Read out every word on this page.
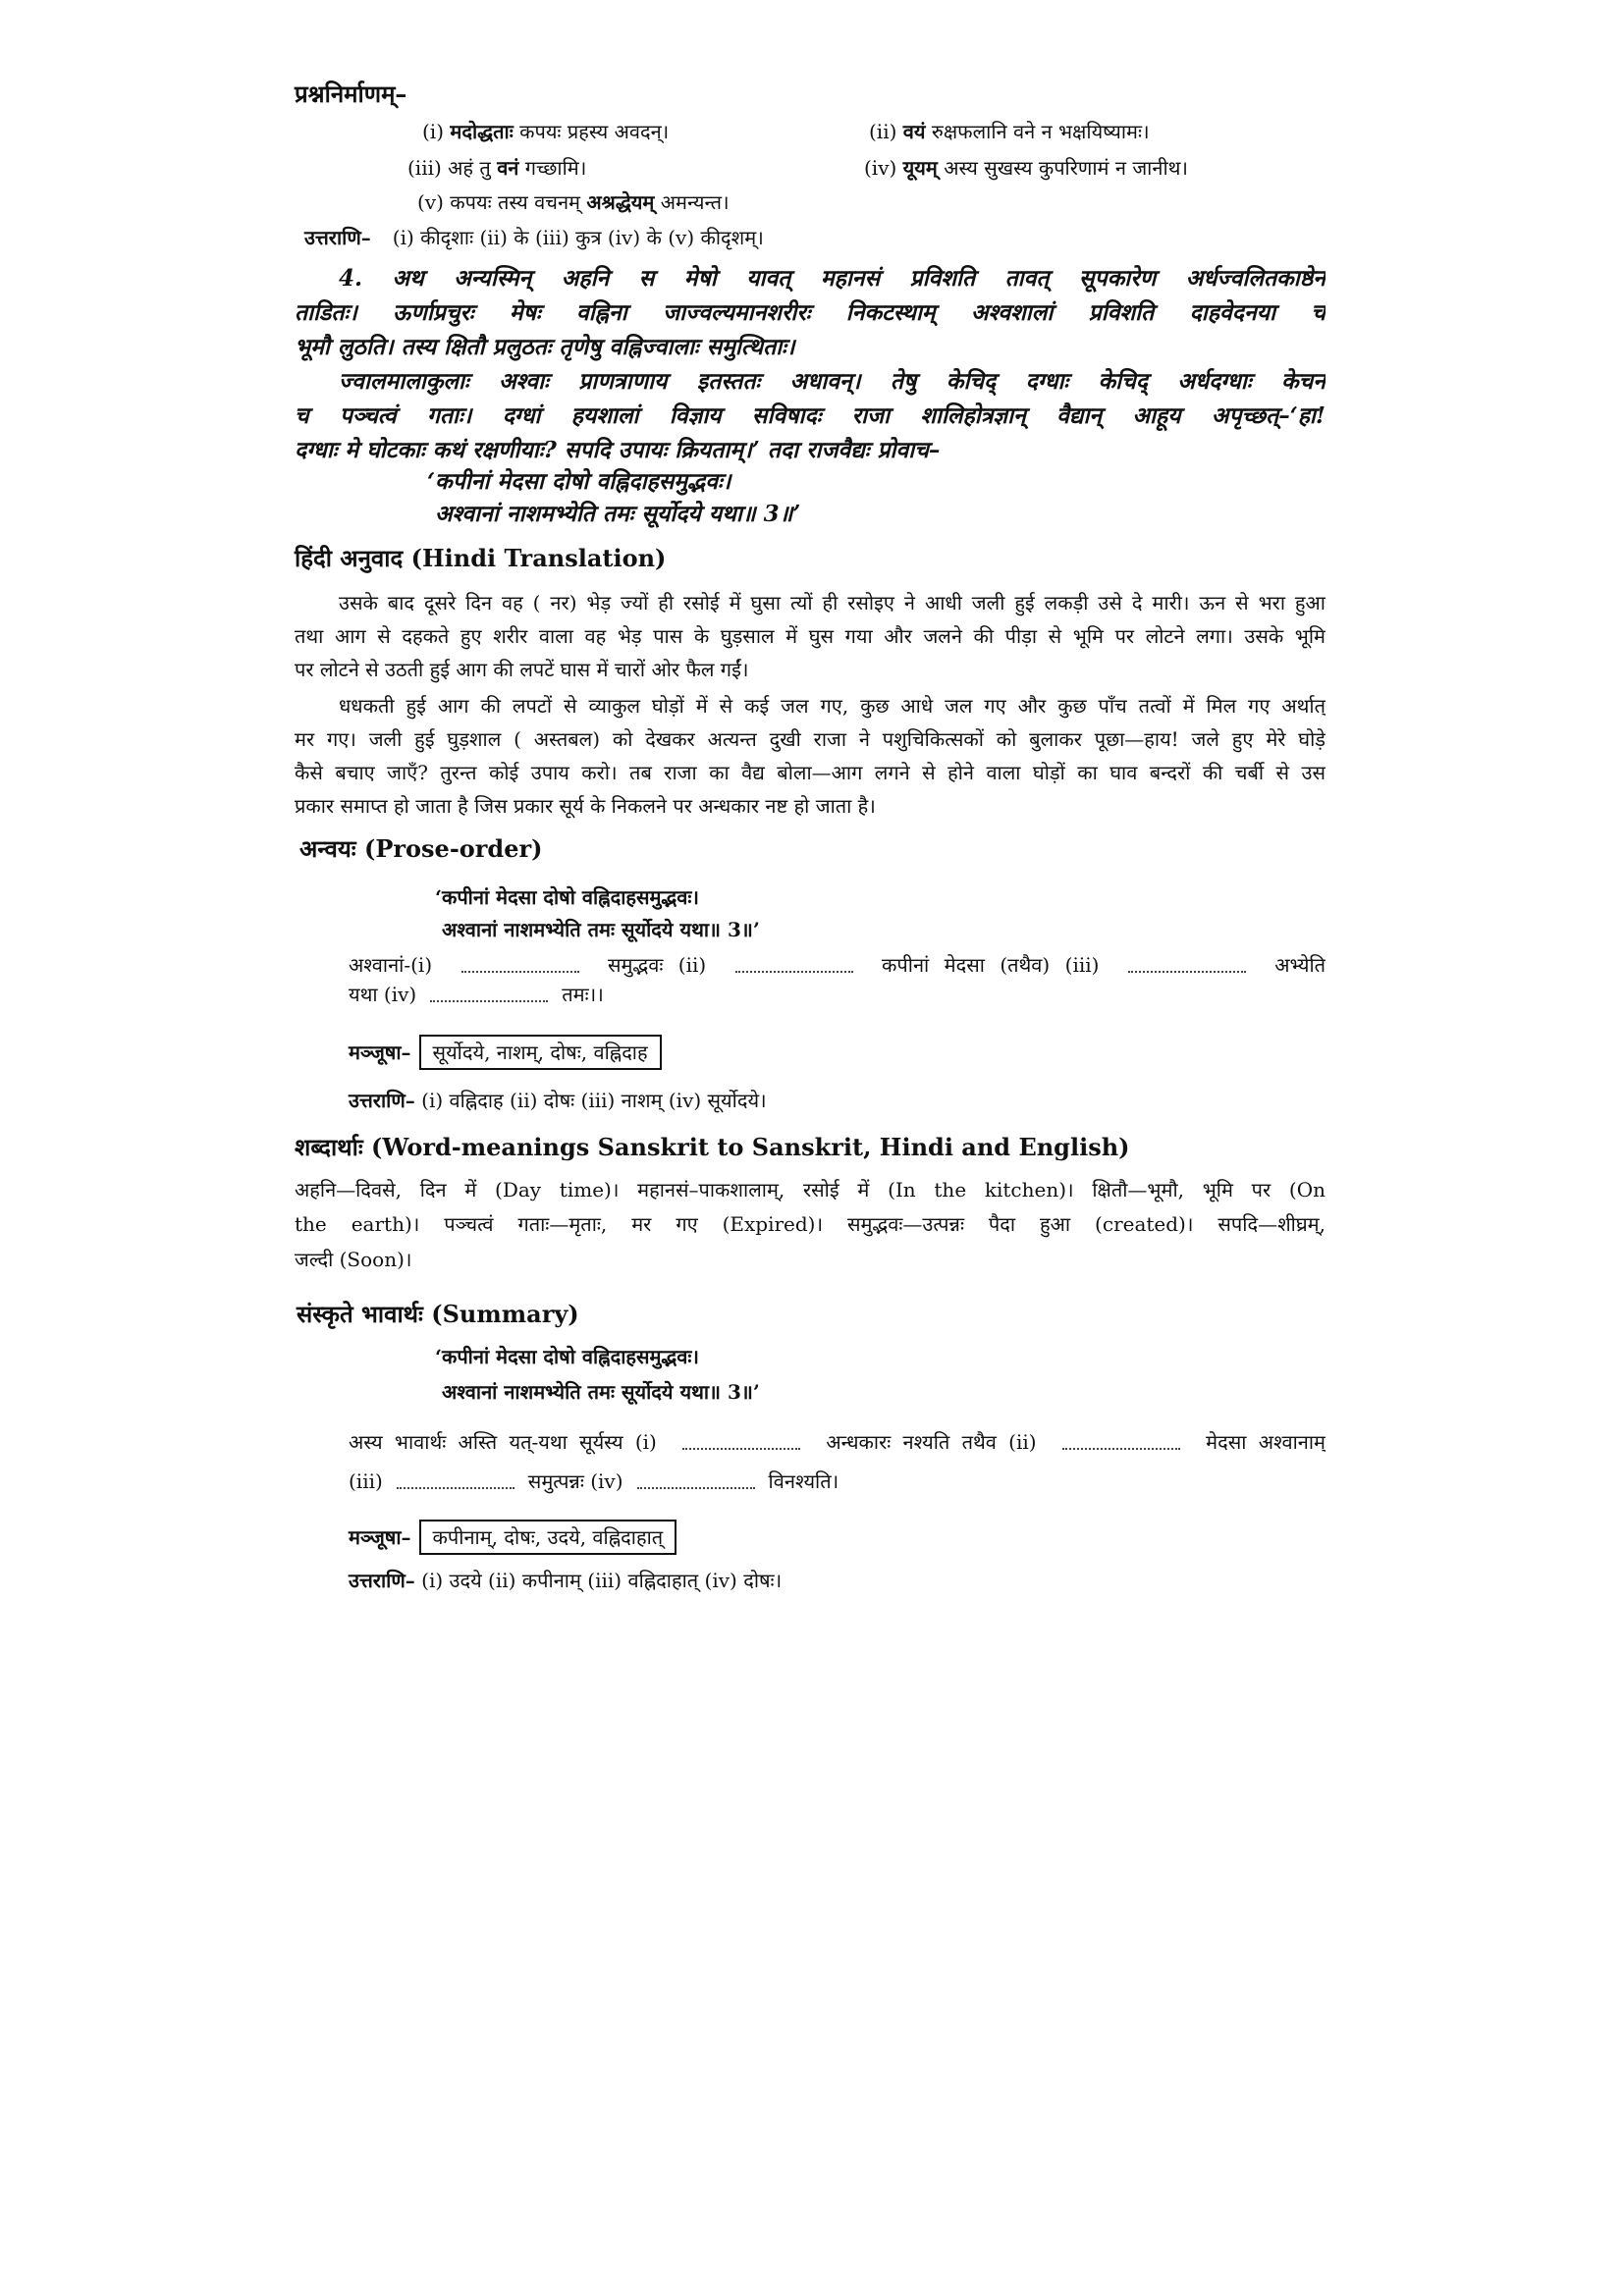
प्रश्ननिर्माणम्–
(i) मदोद्धताः कपयः प्रहस्य अवदन्।	(ii) वयं रुक्षफलानि वने न भक्षयिष्यामः।
(iii) अहं तु वनं गच्छामि।	(iv) यूयम् अस्य सुखस्य कुपरिणामं न जानीथ।
(v) कपयः तस्य वचनम् अश्रद्धेयम् अमन्यन्त।
उत्तराणि– (i) कीदृशाः (ii) के (iii) कुत्र (iv) के (v) कीदृशम्।
4. अथ अन्यस्मिन् अहनि स मेषो यावत् महानसं प्रविशति तावत् सूपकारेण अर्धज्वलितकाष्ठेन
ताडितः। ऊर्णाप्रचुरः मेषः वह्निना जाज्वल्यमानशरीरः निकटस्थाम् अश्वशालां प्रविशति दाहवेदनया च
भूमौ लुठति। तस्य क्षितौ प्रलुठतः तृणेषु वह्निज्वालाः समुत्थिताः।
ज्वालमालाकुलाः अश्वाः प्राणत्राणाय इतस्ततः अधावन्। तेषु केचिद् दग्धाः केचिद् अर्धदग्धाः केचन
च पञ्चत्वं गताः। दग्धां हयशालां विज्ञाय सविषादः राजा शालिहोत्रज्ञान् वैद्यान् आहूय अपृच्छत्–‘हा!
दग्धाः मे घोटकाः कथं रक्षणीयाः? सपदि उपायः क्रियताम्।’ तदा राजवैद्यः प्रोवाच–
‘कपीनां मेदसा दोषो वह्निदाहसमुद्भवः।
अश्वानां नाशमभ्येति तमः सूर्योदये यथा॥ 3॥’
हिंदी अनुवाद (Hindi Translation)
उसके बाद दूसरे दिन वह ( नर) भेड़ ज्यों ही रसोई में घुसा त्यों ही रसोइए ने आधी जली हुई लकड़ी उसे दे मारी। ऊन से भरा हुआ
तथा आग से दहकते हुए शरीर वाला वह भेड़ पास के घुड़साल में घुस गया और जलने की पीड़ा से भूमि पर लोटने लगा। उसके भूमि
पर लोटने से उठती हुई आग की लपटें घास में चारों ओर फैल गईं।
धधकती हुई आग की लपटों से व्याकुल घोड़ों में से कई जल गए, कुछ आधे जल गए और कुछ पाँच तत्वों में मिल गए अर्थात्
मर गए। जली हुई घुड़शाल ( अस्तबल) को देखकर अत्यन्त दुखी राजा ने पशुचिकित्सकों को बुलाकर पूछा—हाय! जले हुए मेरे घोड़े
कैसे बचाए जाएँ? तुरन्त कोई उपाय करो। तब राजा का वैद्य बोला—आग लगने से होने वाला घोड़ों का घाव बन्दरों की चर्बी से उस
प्रकार समाप्त हो जाता है जिस प्रकार सूर्य के निकलने पर अन्धकार नष्ट हो जाता है।
अन्वयः (Prose-order)
‘कपीनां मेदसा दोषो वह्निदाहसमुद्भवः।
अश्वानां नाशमभ्येति तमः सूर्योदये यथा॥ 3॥’
अश्वानां-(i)	समुद्भवः (ii)	कपीनां मेदसा (तथैव) (iii)	अभ्येति
यथा (iv)	तमः।।
मञ्जूषा– सूर्योदये, नाशम्, दोषः, वह्निदाह
उत्तराणि– (i) वह्निदाह (ii) दोषः (iii) नाशम् (iv) सूर्योदये।
शब्दार्थाः (Word-meanings Sanskrit to Sanskrit, Hindi and English)
अहनि—दिवसे, दिन में (Day time)। महानसं–पाकशालाम्, रसोई में (In the kitchen)। क्षितौ—भूमौ, भूमि पर (On
the earth)। पञ्चत्वं गताः—मृताः, मर गए (Expired)। समुद्भवः—उत्पन्नः पैदा हुआ (created)। सपदि—शीघ्रम्,
जल्दी (Soon)।
संस्कृते भावार्थः (Summary)
‘कपीनां मेदसा दोषो वह्निदाहसमुद्भवः।
अश्वानां नाशमभ्येति तमः सूर्योदये यथा॥ 3॥’
अस्य भावार्थः अस्ति यत्-यथा सूर्यस्य (i)	अन्धकारः नश्यति तथैव (ii)	मेदसा अश्वानाम्
(iii)	समुत्पन्नः (iv)	विनश्यति।
मञ्जूषा– कपीनाम्, दोषः, उदये, वह्निदाहात्
उत्तराणि– (i) उदये (ii) कपीनाम् (iii) वह्निदाहात् (iv) दोषः।
